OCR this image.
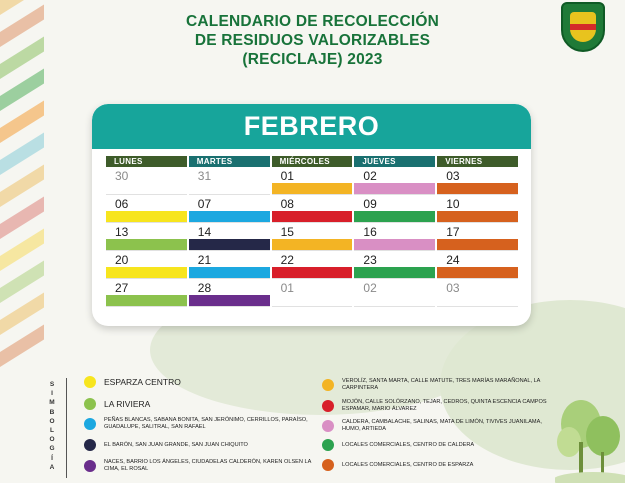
CALENDARIO DE RECOLECCIÓN
DE RESIDUOS VALORIZABLES
(RECICLAJE) 2023
FEBRERO
LUNES	MARTES	MIÉRCOLES	JUEVES	VIERNES
30	31	01	02	03
06	07	08	09	10
13	14	15	16	17
20	21	22	23	24
27	28	01	02	03
S
I
M
B
O
L
O
G
Í
A
ESPARZA CENTRO
LA RIVIERA
PEÑAS BLANCAS, SABANA BONITA, SAN JERÓNIMO, CERRILLOS, PARAÍSO, GUADALUPE, SALITRAL, SAN RAFAEL
EL BARÓN, SAN JUAN GRANDE, SAN JUAN CHIQUITO
NACES, BARRIO LOS ÁNGELES, CIUDADELAS CALDERÓN, KAREN OLSEN LA CIMA, EL ROSAL
VEROLÍZ, SANTA MARTA, CALLE MATUTE, TRES MARÍAS MARAÑONAL, LA CARPINTERA
MOJÓN, CALLE SOLÓRZANO, TEJAR, CEDROS, QUINTA ESCENCIA CAMPOS ESPAMAR, MARIO ÁLVAREZ
CALDERA, CAMBALACHE, SALINAS, MATA DE LIMÓN, TIVIVES JUANILAMA, HUMO, ARTIEDA
LOCALES COMERCIALES, CENTRO DE CALDERA
LOCALES COMERCIALES, CENTRO DE ESPARZA
